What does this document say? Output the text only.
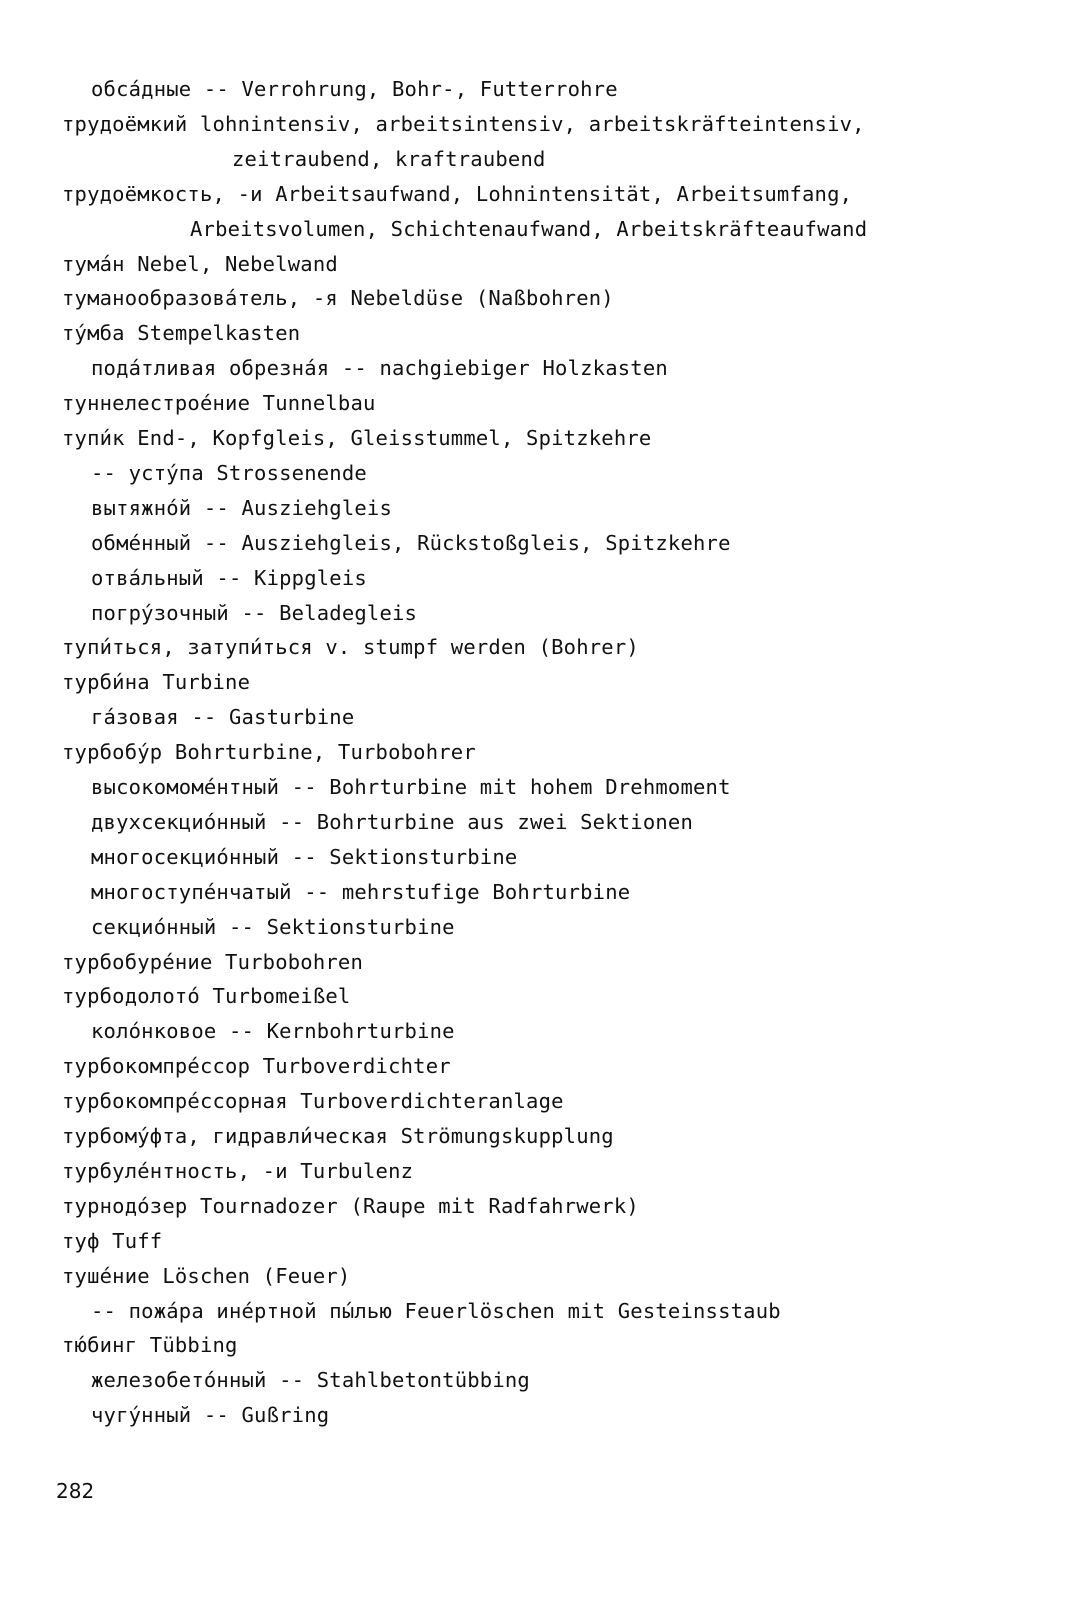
обса́дные -- Verrohrung, Bohr-, Futterrohre
трудоёмкий lohnintensiv, arbeitsintensiv, arbeitskräfteintensiv,
zeitraubend, kraftraubend
трудоёмкость, -и Arbeitsaufwand, Lohnintensität, Arbeitsumfang,
Arbeitsvolumen, Schichtenaufwand, Arbeitskräfteaufwand
тума́н Nebel, Nebelwand
туманообразова́тель, -я Nebeldüse (Naßbohren)
ту́мба Stempelkasten
пода́тливая обрезна́я -- nachgiebiger Holzkasten
туннелестрое́ние Tunnelbau
тупи́к End-, Kopfgleis, Gleisstummel, Spitzkehre
-- усту́па Strossenende
вытяжно́й -- Ausziehgleis
обме́нный -- Ausziehgleis, Rückstoßgleis, Spitzkehre
отва́льный -- Kippgleis
погру́зочный -- Beladegleis
тупи́ться, затупи́ться v. stumpf werden (Bohrer)
турби́на Turbine
га́зовая -- Gasturbine
турбобу́р Bohrturbine, Turbobohrer
высокомоме́нтный -- Bohrturbine mit hohem Drehmoment
двухсекцио́нный -- Bohrturbine aus zwei Sektionen
многосекцио́нный -- Sektionsturbine
многоступе́нчатый -- mehrstufige Bohrturbine
секцио́нный -- Sektionsturbine
турбобуре́ние Turbobohren
турбодолото́ Turbomeißel
коло́нковое -- Kernbohrturbine
турбокомпре́ссор Turboverdichter
турбокомпре́ссорная Turboverdichteranlage
турбому́фта, гидравли́ческая Strömungskupplung
турбуле́нтность, -и Turbulenz
турнодо́зер Tournadozer (Raupe mit Radfahrwerk)
туф Tuff
туше́ние Löschen (Feuer)
-- пожа́ра ине́ртной пы́лью Feuerlöschen mit Gesteinsstaub
тю́бинг Tübbing
железобето́нный -- Stahlbetontübbing
чугу́нный -- Gußring
282
